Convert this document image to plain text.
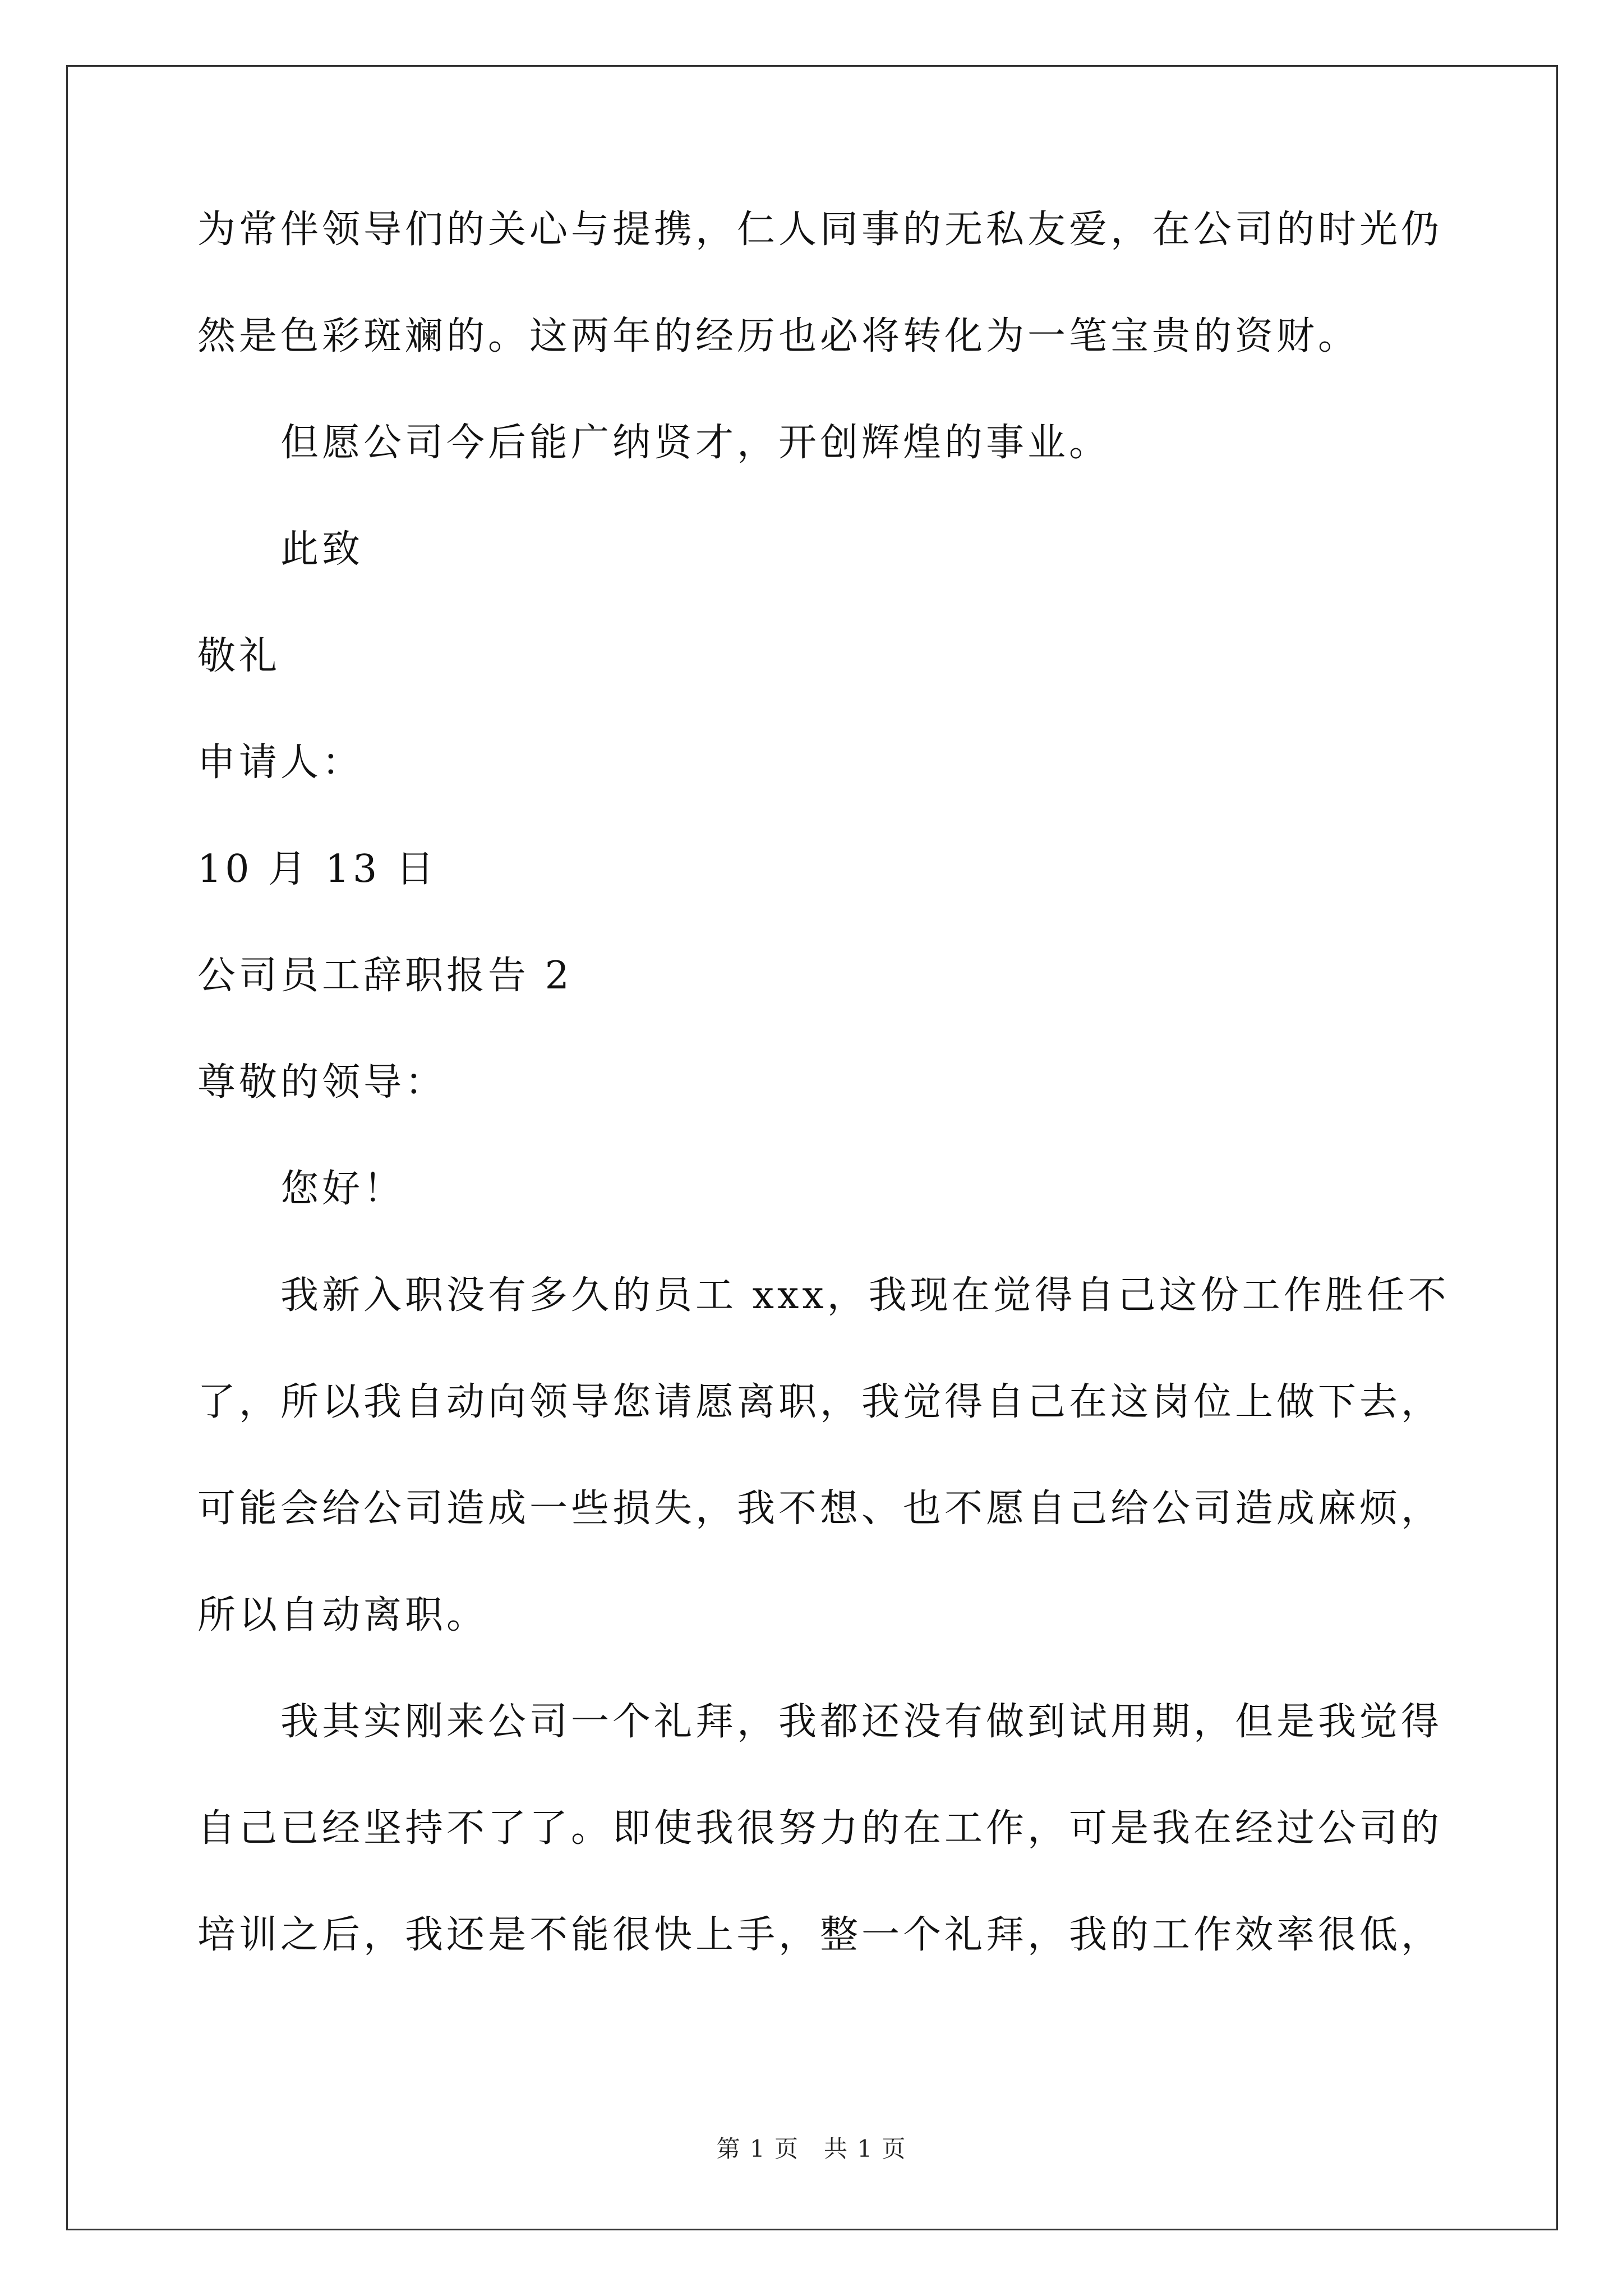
为常伴领导们的关心与提携，仁人同事的无私友爱，在公司的时光仍
然是色彩斑斓的。这两年的经历也必将转化为一笔宝贵的资财。
但愿公司今后能广纳贤才，开创辉煌的事业。
此致
敬礼
申请人：
10 月 13 日
公司员工辞职报告 2
尊敬的领导：
您好！
我新入职没有多久的员工 xxx，我现在觉得自己这份工作胜任不
了，所以我自动向领导您请愿离职，我觉得自己在这岗位上做下去，
可能会给公司造成一些损失，我不想、也不愿自己给公司造成麻烦，
所以自动离职。
我其实刚来公司一个礼拜，我都还没有做到试用期，但是我觉得
自己已经坚持不了了。即使我很努力的在工作，可是我在经过公司的
培训之后，我还是不能很快上手，整一个礼拜，我的工作效率很低，
第 1 页　共 1 页
